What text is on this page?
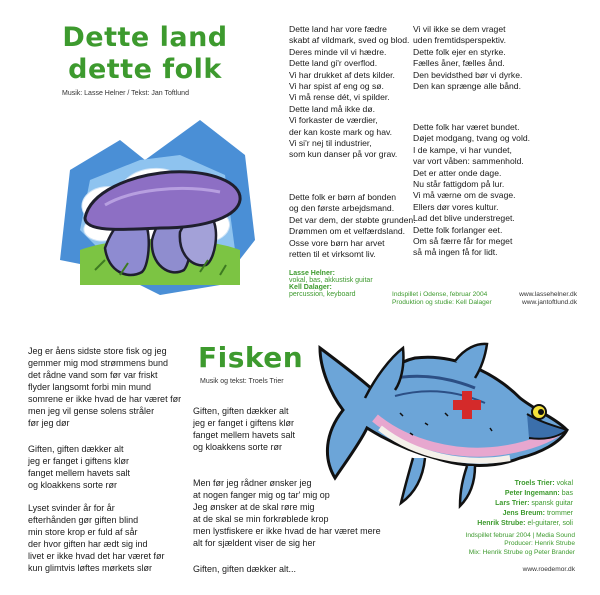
Dette land
dette folk
Musik: Lasse Helner / Tekst: Jan Toftlund
Dette land har vore fædre
skabt af vildmark, sved og blod.
Deres minde vil vi hædre.
Dette land gi'r overflod.
Vi har drukket af dets kilder.
Vi har spist af eng og sø.
Vi må rense dét, vi spilder.
Dette land må ikke dø.
Vi forkaster de værdier,
der kan koste mark og hav.
Vi si'r nej til industrier,
som kun danser på vor grav.
Dette folk er børn af bonden
og den første arbejdsmand.
Det var dem, der støbte grunden.
Drømmen om et velfærdsland.
Osse vore børn har arvet
retten til et virksomt liv.
Vi vil ikke se dem vraget
uden fremtidsperspektiv.
Dette folk ejer en styrke.
Fælles åner, fælles ånd.
Den bevidsthed bør vi dyrke.
Den kan sprænge alle bånd.
Dette folk har været bundet.
Døjet modgang, tvang og vold.
I de kampe, vi har vundet,
var vort våben: sammenhold.
Det er atter onde dage.
Nu står fattigdom på lur.
Vi må værne om de svage.
Ellers dør vores kultur.
Lad det blive understreget.
Dette folk forlanger eet.
Om så færre får for meget
så må ingen få for lidt.
Lasse Helner:
vokal, bas, akkustisk guitar
Kell Dalager:
percussion, keyboard	Indspillet i Odense, februar 2004
Produktion og studie: Kell Dalager
www.lassehelner.dk
www.jantoftlund.dk
Fisken
Musik og tekst: Troels Trier
Jeg er åens sidste store fisk og jeg
gemmer mig mod strømmens bund
det rådne vand som før var friskt
flyder langsomt forbi min mund
somrene er ikke hvad de har været før
men jeg vil gense solens stråler
før jeg dør
Giften, giften dækker alt
jeg er fanget i giftens klør
fanget mellem havets salt
og kloakkens sorte rør
Lyset svinder år for år
efterhånden gør giften blind
min store krop er fuld af sår
der hvor giften har ædt sig ind
livet er ikke hvad det har været før
kun glimtvis løftes mørkets slør
Giften, giften dækker alt
jeg er fanget i giftens klør
fanget mellem havets salt
og kloakkens sorte rør
Men før jeg rådner ønsker jeg
at nogen fanger mig og tar' mig op
Jeg ønsker at de skal røre mig
at de skal se min forkrøblede krop
men lystfiskere er ikke hvad de har været mere
alt for sjældent viser de sig her
Giften, giften dækker alt...
Troels Trier: vokal
Peter Ingemann: bas
Lars Trier: spansk guitar
Jens Breum: trommer
Henrik Strube: el-guitarer, soli
Indspillet februar 2004 | Media Sound
Producer: Henrik Strube
Mix: Henrik Strube og Peter Brander
www.roedemor.dk
